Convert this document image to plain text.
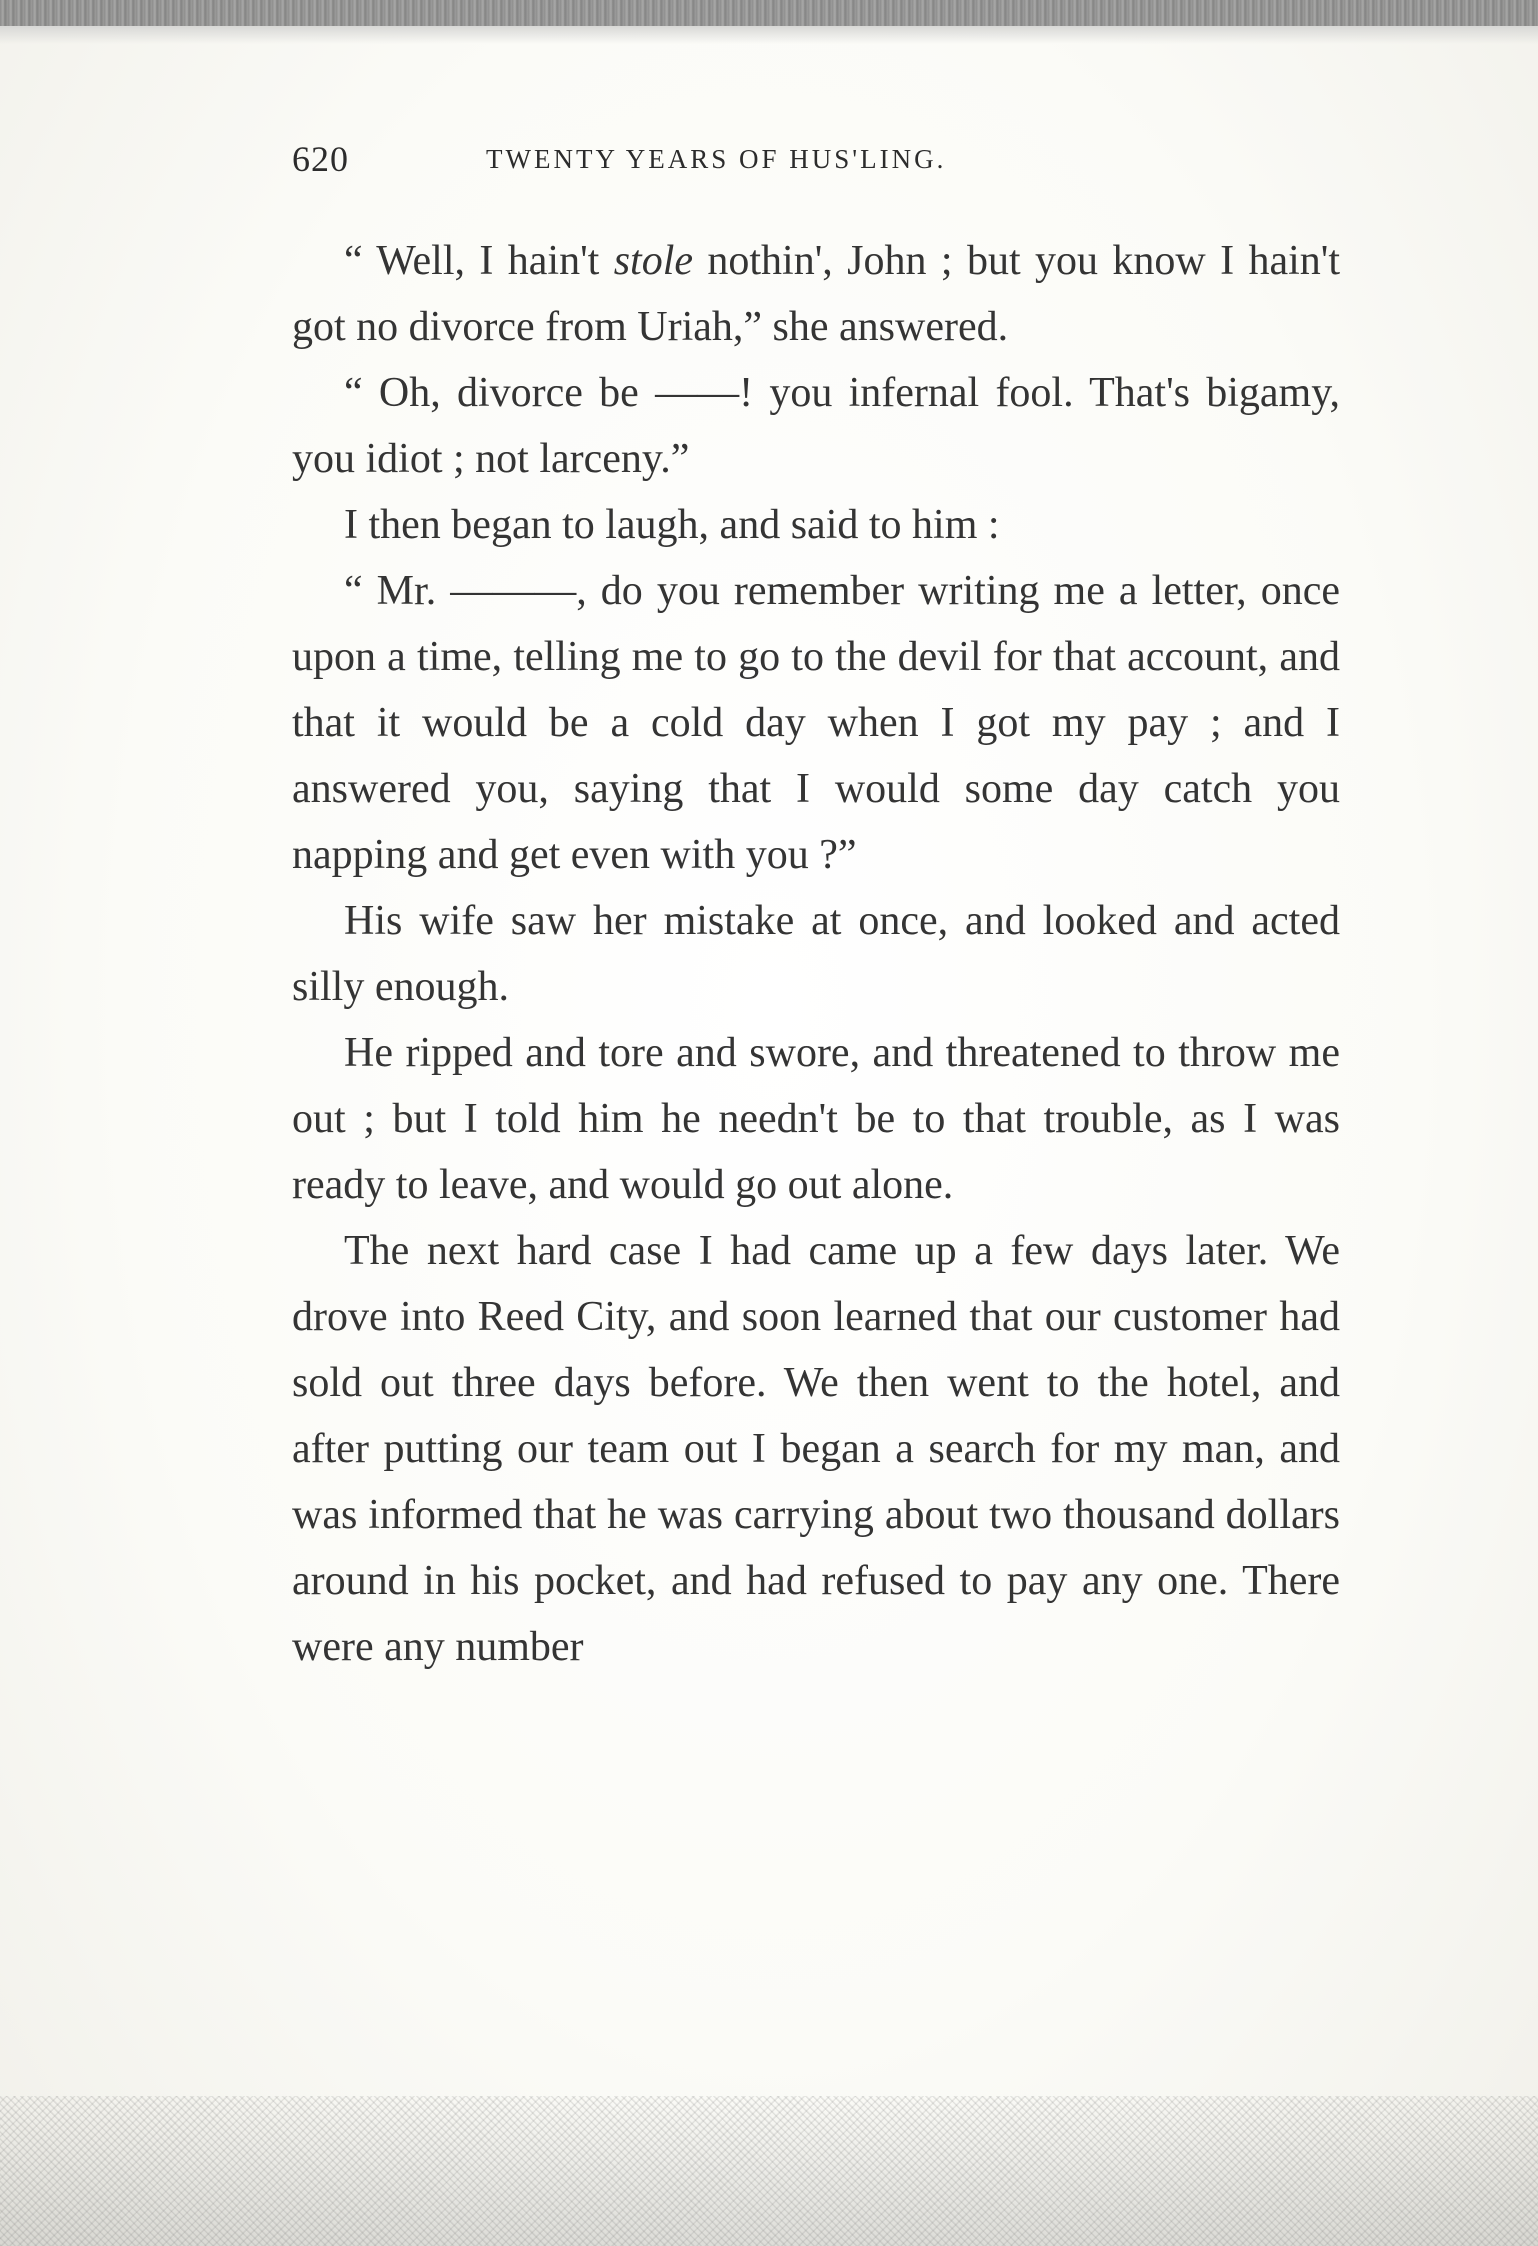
620	TWENTY YEARS OF HUS'LING.

“ Well, I hain't stole nothin', John ; but you know I hain't got no divorce from Uriah,” she answered.

“ Oh, divorce be ——! you infernal fool. That's bigamy, you idiot ; not larceny.”

I then began to laugh, and said to him :

“ Mr. ———, do you remember writing me a letter, once upon a time, telling me to go to the devil for that account, and that it would be a cold day when I got my pay ; and I answered you, saying that I would some day catch you napping and get even with you ?”

His wife saw her mistake at once, and looked and acted silly enough.

He ripped and tore and swore, and threatened to throw me out ; but I told him he needn't be to that trouble, as I was ready to leave, and would go out alone.

The next hard case I had came up a few days later. We drove into Reed City, and soon learned that our customer had sold out three days before. We then went to the hotel, and after putting our team out I began a search for my man, and was informed that he was carrying about two thousand dollars around in his pocket, and had refused to pay any one. There were any number
